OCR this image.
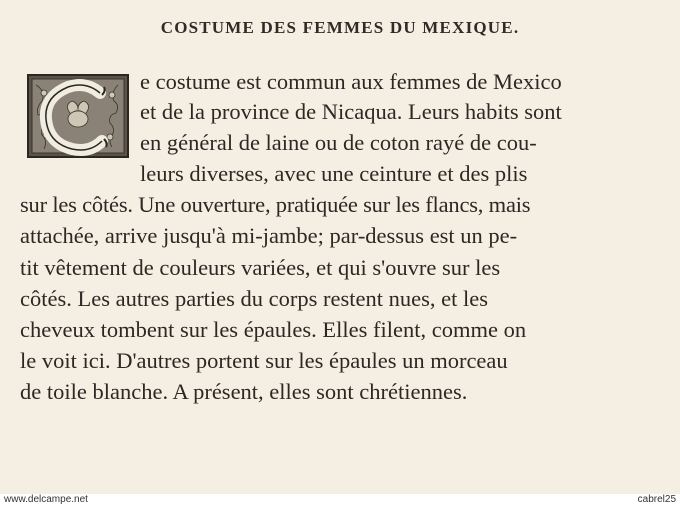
COSTUME DES FEMMES DU MEXIQUE.
e costume est commun aux femmes de Mexico
et de la province de Nicaqua. Leurs habits sont
en général de laine ou de coton rayé de cou-
leurs diverses, avec une ceinture et des plis
sur les côtés. Une ouverture, pratiquée sur les flancs, mais
attachée, arrive jusqu'à mi-jambe; par-dessus est un pe-
tit vêtement de couleurs variées, et qui s'ouvre sur les
côtés. Les autres parties du corps restent nues, et les
cheveux tombent sur les épaules. Elles filent, comme on
le voit ici. D'autres portent sur les épaules un morceau
de toile blanche. A présent, elles sont chrétiennes.
www.delcampe.net	cabrel25
